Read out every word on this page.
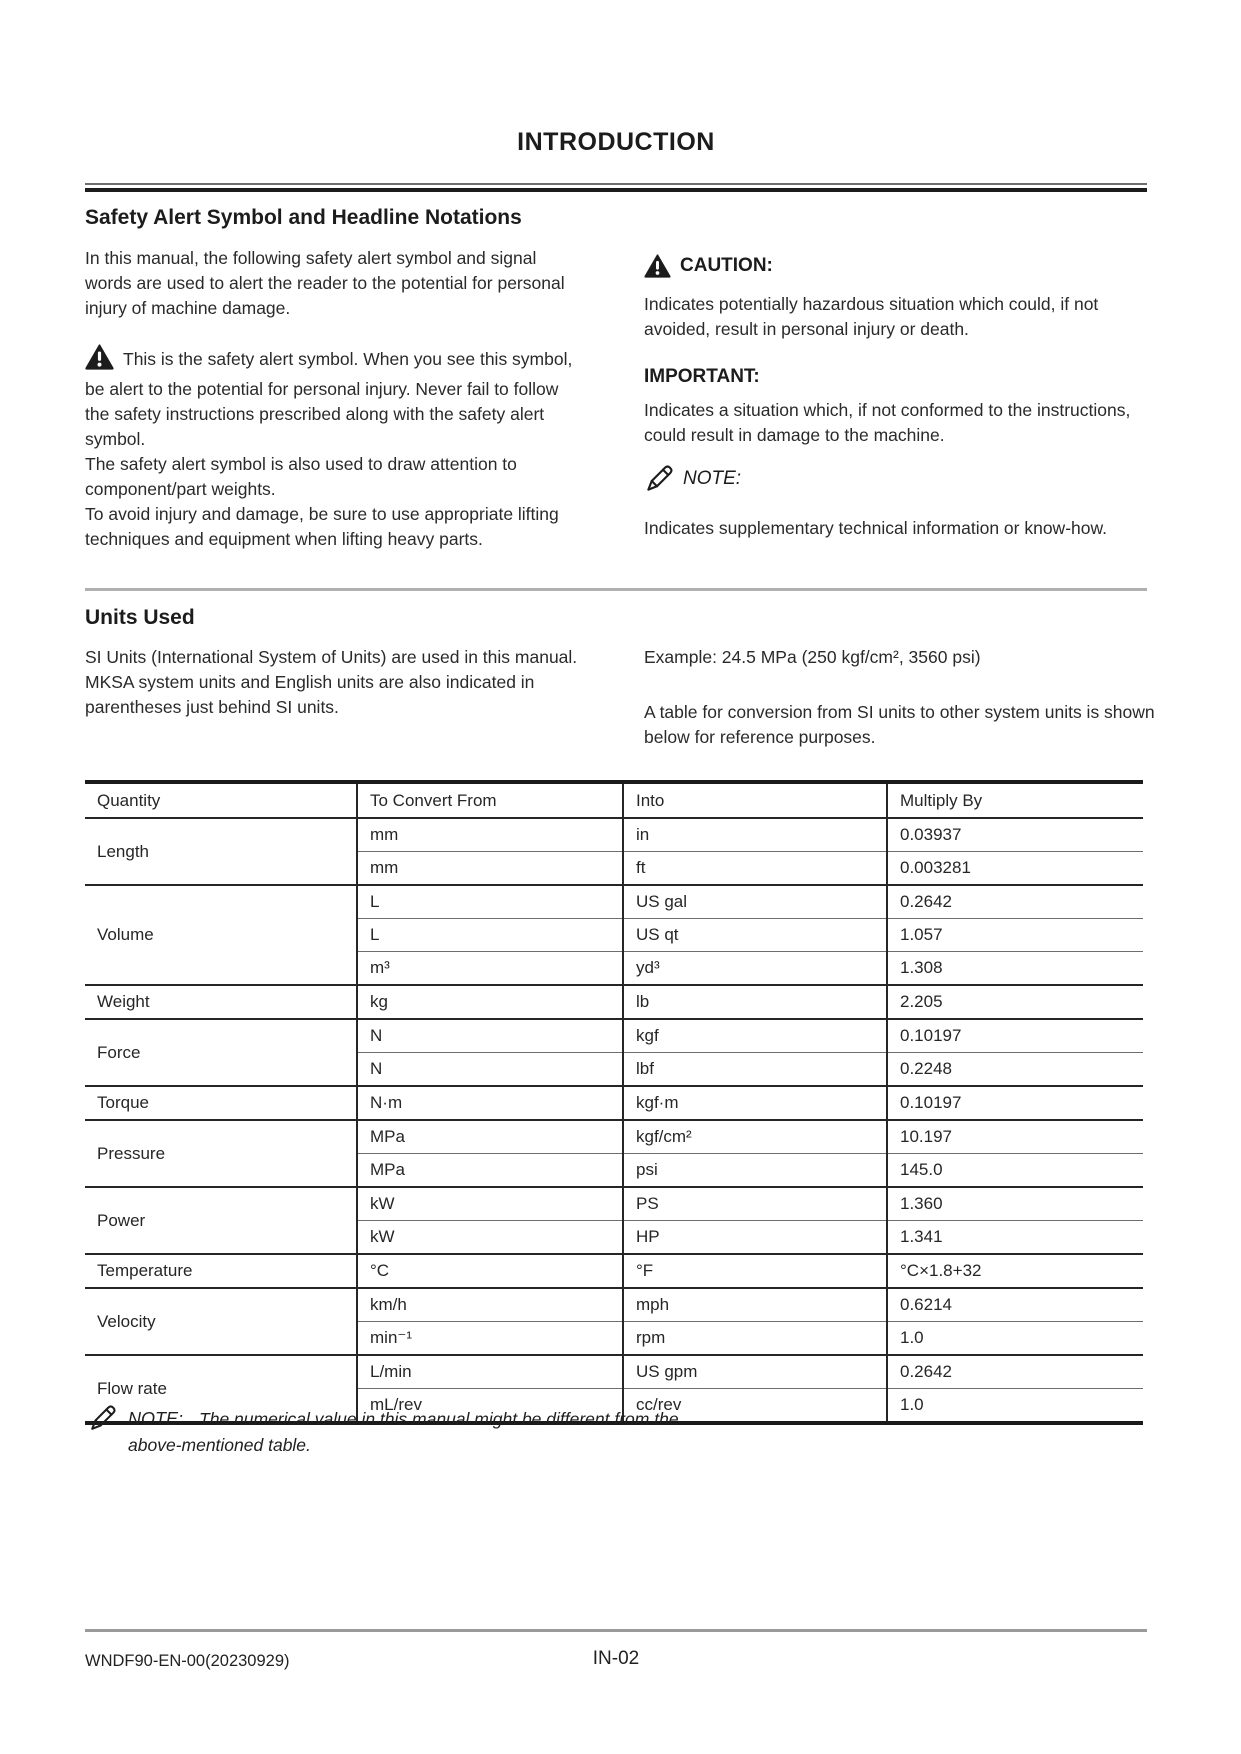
INTRODUCTION
Safety Alert Symbol and Headline Notations
In this manual, the following safety alert symbol and signal words are used to alert the reader to the potential for personal injury of machine damage.
This is the safety alert symbol. When you see this symbol, be alert to the potential for personal injury. Never fail to follow the safety instructions prescribed along with the safety alert symbol.
The safety alert symbol is also used to draw attention to component/part weights.
To avoid injury and damage, be sure to use appropriate lifting techniques and equipment when lifting heavy parts.
CAUTION:
Indicates potentially hazardous situation which could, if not avoided, result in personal injury or death.
IMPORTANT:
Indicates a situation which, if not conformed to the instructions, could result in damage to the machine.
NOTE:
Indicates supplementary technical information or know-how.
Units Used
SI Units (International System of Units) are used in this manual. MKSA system units and English units are also indicated in parentheses just behind SI units.
Example: 24.5 MPa (250 kgf/cm², 3560 psi)
A table for conversion from SI units to other system units is shown below for reference purposes.
Quantity	To Convert From	Into	Multiply By
Length	mm	in	0.03937
	mm	ft	0.003281
Volume	L	US gal	0.2642
	L	US qt	1.057
	m³	yd³	1.308
Weight	kg	lb	2.205
Force	N	kgf	0.10197
	N	lbf	0.2248
Torque	N·m	kgf·m	0.10197
Pressure	MPa	kgf/cm²	10.197
	MPa	psi	145.0
Power	kW	PS	1.360
	kW	HP	1.341
Temperature	°C	°F	°C×1.8+32
Velocity	km/h	mph	0.6214
	min⁻¹	rpm	1.0
Flow rate	L/min	US gpm	0.2642
	mL/rev	cc/rev	1.0
NOTE: The numerical value in this manual might be different from the above-mentioned table.
WNDF90-EN-00(20230929)	IN-02
